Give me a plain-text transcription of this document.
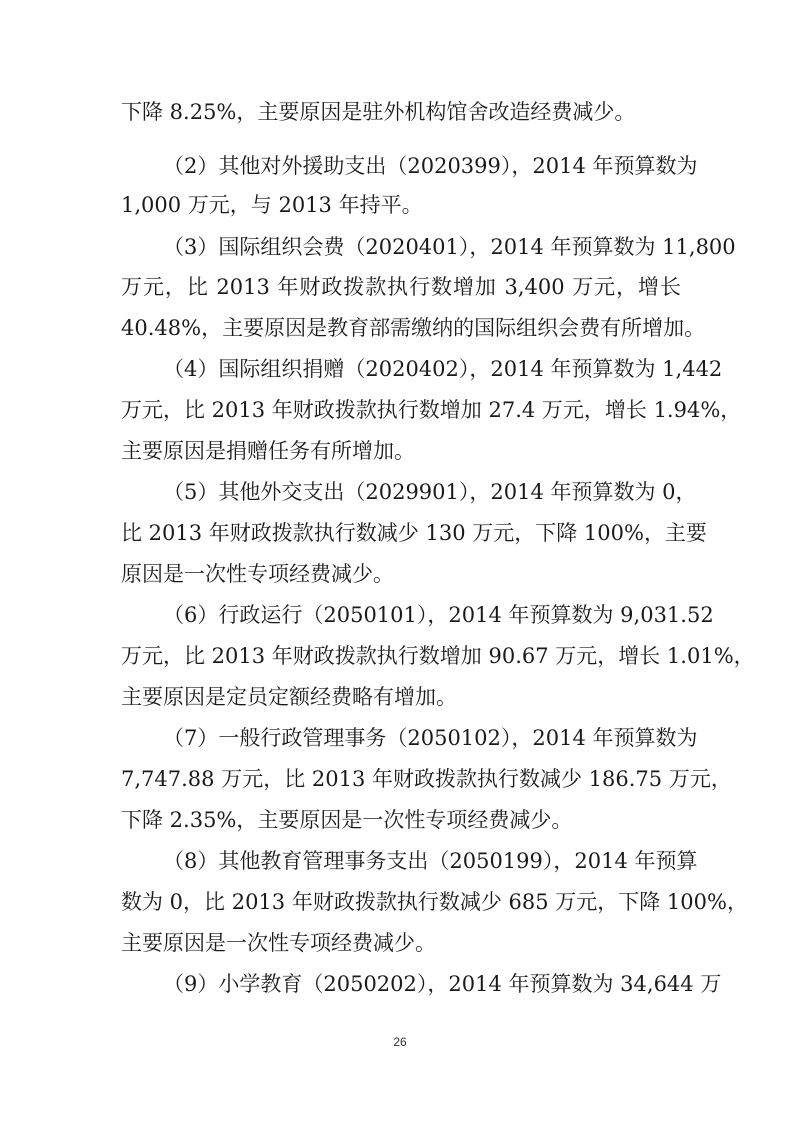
下降 8.25%，主要原因是驻外机构馆舍改造经费减少。
（2）其他对外援助支出（2020399），2014 年预算数为
1,000 万元，与 2013 年持平。
（3）国际组织会费（2020401），2014 年预算数为 11,800
万元，比 2013 年财政拨款执行数增加 3,400 万元，增长
40.48%，主要原因是教育部需缴纳的国际组织会费有所增加。
（4）国际组织捐赠（2020402），2014 年预算数为 1,442
万元，比 2013 年财政拨款执行数增加 27.4 万元，增长 1.94%，
主要原因是捐赠任务有所增加。
（5）其他外交支出（2029901），2014 年预算数为 0，
比 2013 年财政拨款执行数减少 130 万元，下降 100%，主要
原因是一次性专项经费减少。
（6）行政运行（2050101），2014 年预算数为 9,031.52
万元，比 2013 年财政拨款执行数增加 90.67 万元，增长 1.01%，
主要原因是定员定额经费略有增加。
（7）一般行政管理事务（2050102），2014 年预算数为
7,747.88 万元，比 2013 年财政拨款执行数减少 186.75 万元，
下降 2.35%，主要原因是一次性专项经费减少。
（8）其他教育管理事务支出（2050199），2014 年预算
数为 0，比 2013 年财政拨款执行数减少 685 万元，下降 100%，
主要原因是一次性专项经费减少。
（9）小学教育（2050202），2014 年预算数为 34,644 万
26
